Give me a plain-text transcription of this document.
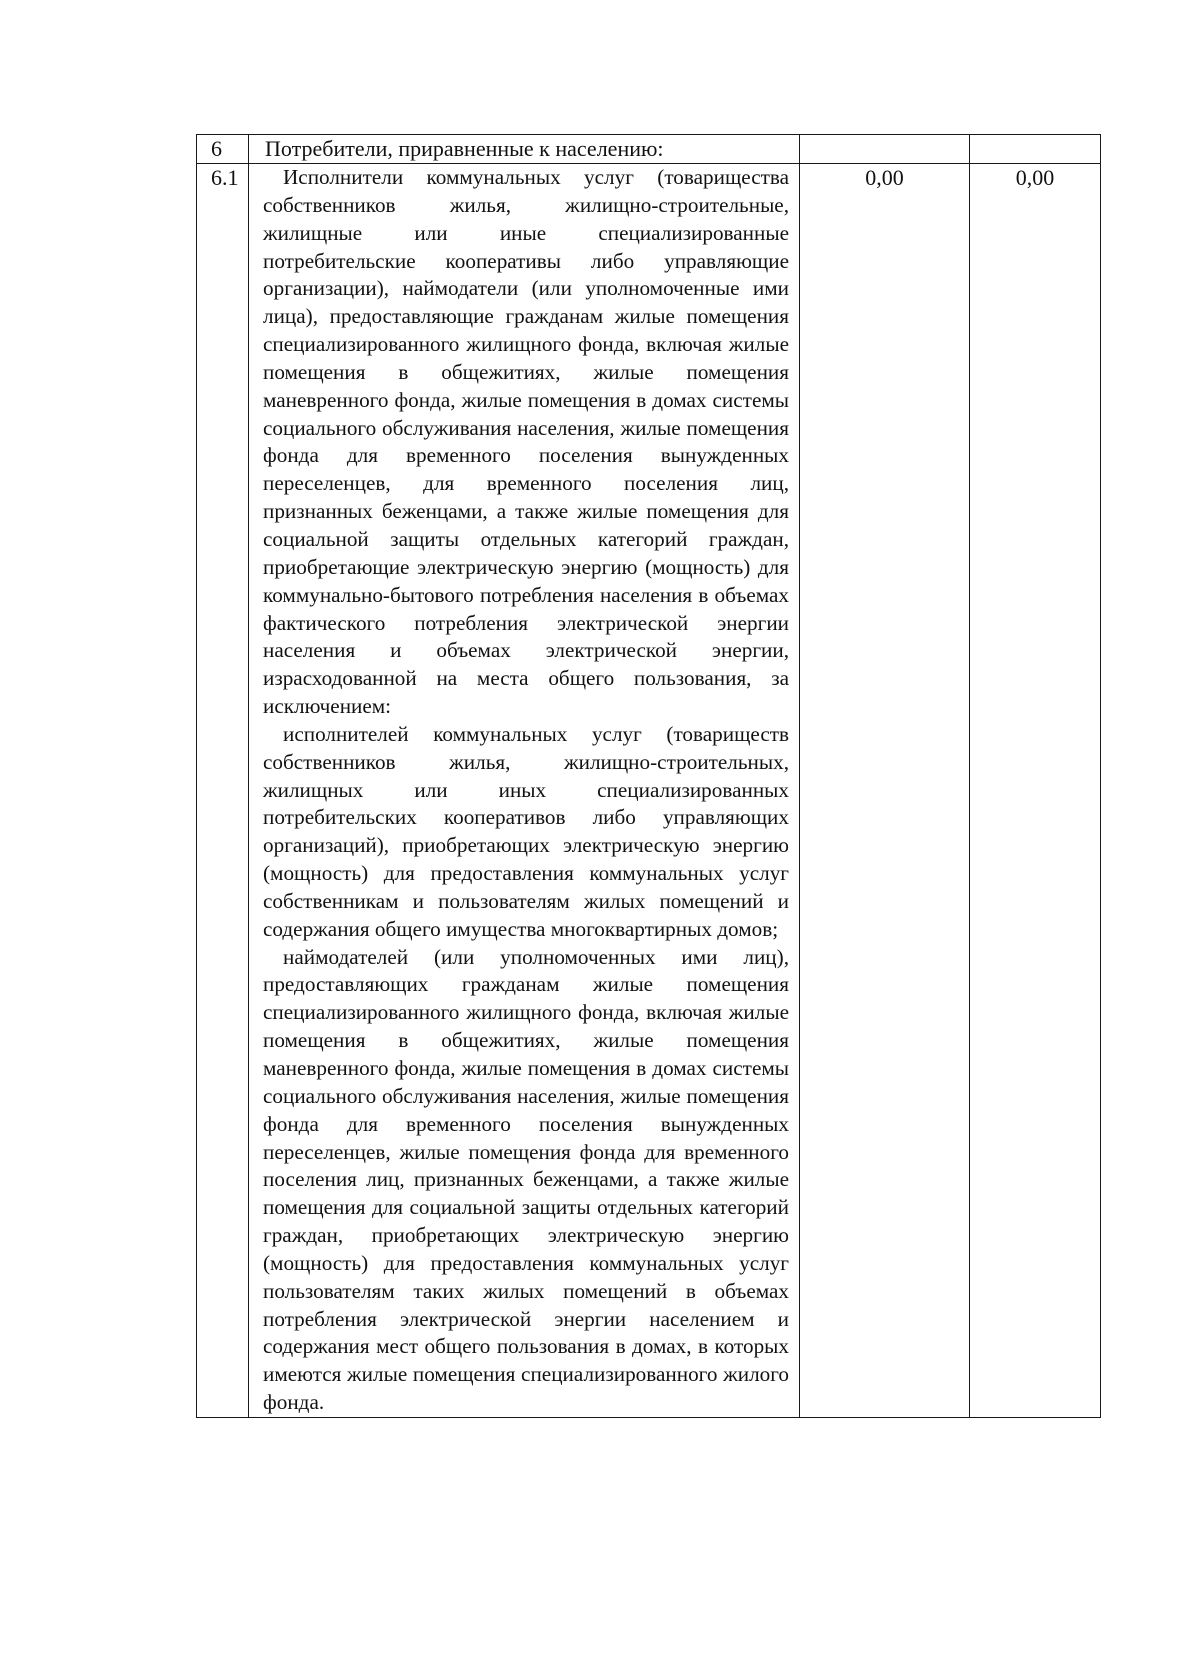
6	Потребители, приравненные к населению:		
6.1	Исполнители коммунальных услуг (товарищества собственников жилья, жилищно-строительные, жилищные или иные специализированные потребительские кооперативы либо управляющие организации), наймодатели (или уполномоченные ими лица), предоставляющие гражданам жилые помещения специализированного жилищного фонда, включая жилые помещения в общежитиях, жилые помещения маневренного фонда, жилые помещения в домах системы социального обслуживания населения, жилые помещения фонда для временного поселения вынужденных переселенцев, для временного поселения лиц, признанных беженцами, а также жилые помещения для социальной защиты отдельных категорий граждан, приобретающие электрическую энергию (мощность) для коммунально-бытового потребления населения в объемах фактического потребления электрической энергии населения и объемах электрической энергии, израсходованной на места общего пользования, за исключением:

исполнителей коммунальных услуг (товариществ собственников жилья, жилищно-строительных, жилищных или иных специализированных потребительских кооперативов либо управляющих организаций), приобретающих электрическую энергию (мощность) для предоставления коммунальных услуг собственникам и пользователям жилых помещений и содержания общего имущества многоквартирных домов;

наймодателей (или уполномоченных ими лиц), предоставляющих гражданам жилые помещения специализированного жилищного фонда, включая жилые помещения в общежитиях, жилые помещения маневренного фонда, жилые помещения в домах системы социального обслуживания населения, жилые помещения фонда для временного поселения вынужденных переселенцев, жилые помещения фонда для временного поселения лиц, признанных беженцами, а также жилые помещения для социальной защиты отдельных категорий граждан, приобретающих электрическую энергию (мощность) для предоставления коммунальных услуг пользователям таких жилых помещений в объемах потребления электрической энергии населением и содержания мест общего пользования в домах, в которых имеются жилые помещения специализированного жилого фонда.	0,00	0,00
